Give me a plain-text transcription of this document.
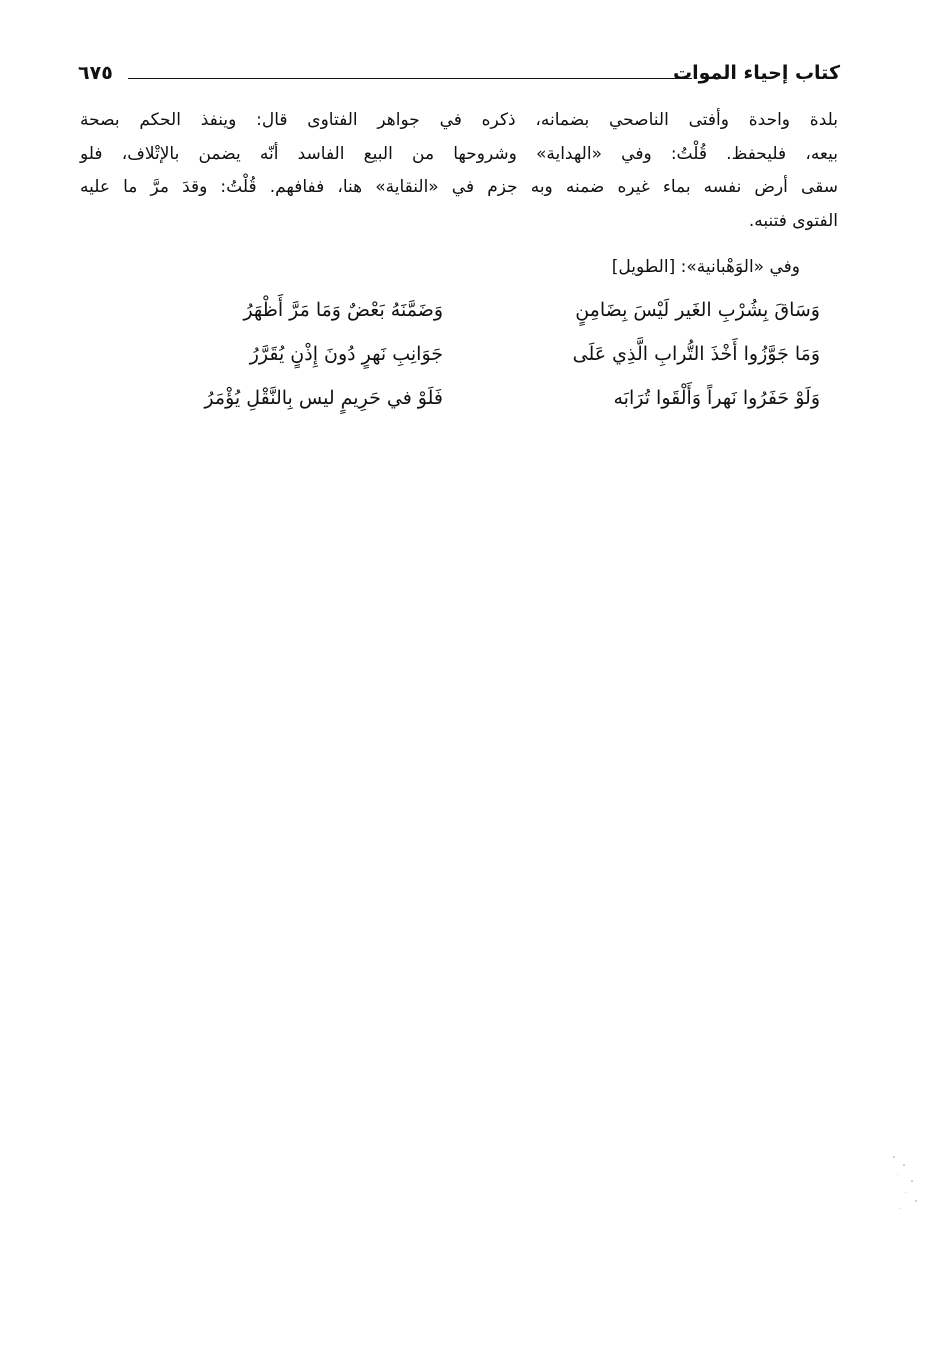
كتاب إحياء الموات
٦٧٥
بلدة واحدة وأفتى الناصحي بضمانه، ذكره في جواهر الفتاوى قال: وينفذ الحكم بصحة
بيعه، فليحفظ. قُلْتُ: وفي «الهداية» وشروحها من البيع الفاسد أنّه يضمن بالإتْلاف، فلو
سقى أرض نفسه بماء غيره ضمنه وبه جزم في «النقاية» هنا، ففافهم. قُلْتُ: وقدَ مرَّ ما عليه
الفتوى فتنبه.
وفي «الوَهْبانية»: [الطويل]
وَسَاقَ بِشُرْبِ الغَير لَيْسَ بِضَامِنٍ
وَضَمَّنَهُ بَعْضٌ وَمَا مَرَّ أَظْهَرُ
وَمَا جَوَّزُوا أَخْذَ التُّرابِ الَّذِي عَلَى
جَوَانِبِ نَهرٍ دُونَ إِذْنٍ يُقَرَّرُ
وَلَوْ حَفَرُوا نَهراً وَأَلْقَوا تُرَابَه
فَلَوْ في حَرِيمٍ ليس بِالنَّقْلِ يُؤْمَرُ
